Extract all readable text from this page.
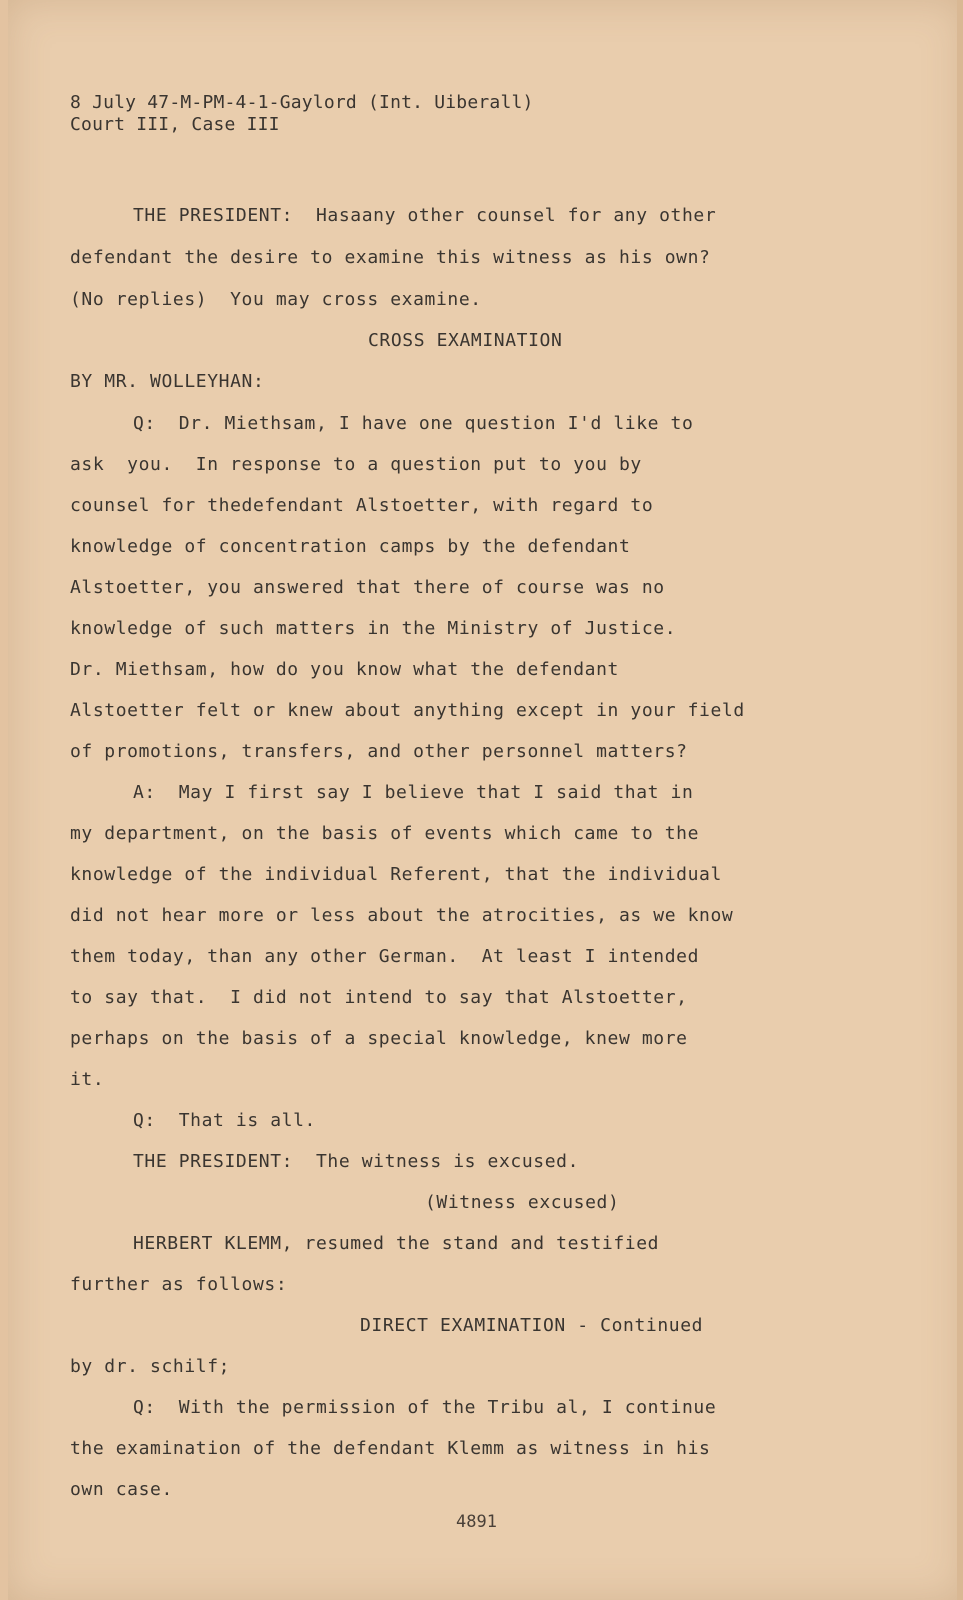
8 July 47-M-PM-4-1-Gaylord (Int. Uiberall)

Court III, Case III

THE PRESIDENT:  Hasaany other counsel for any other

defendant the desire to examine this witness as his own?

(No replies)  You may cross examine.

CROSS EXAMINATION

BY MR. WOLLEYHAN:

Q:  Dr. Miethsam, I have one question I'd like to

ask  you.  In response to a question put to you by

counsel for thedefendant Alstoetter, with regard to

knowledge of concentration camps by the defendant

Alstoetter, you answered that there of course was no

knowledge of such matters in the Ministry of Justice.

Dr. Miethsam, how do you know what the defendant

Alstoetter felt or knew about anything except in your field

of promotions, transfers, and other personnel matters?

A:  May I first say I believe that I said that in

my department, on the basis of events which came to the

knowledge of the individual Referent, that the individual

did not hear more or less about the atrocities, as we know

them today, than any other German.  At least I intended

to say that.  I did not intend to say that Alstoetter,

perhaps on the basis of a special knowledge, knew more

it.

Q:  That is all.

THE PRESIDENT:  The witness is excused.

(Witness excused)

HERBERT KLEMM, resumed the stand and testified

further as follows:

DIRECT EXAMINATION - Continued

by dr. schilf;

Q:  With the permission of the Tribu al, I continue

the examination of the defendant Klemm as witness in his

own case.

4891
